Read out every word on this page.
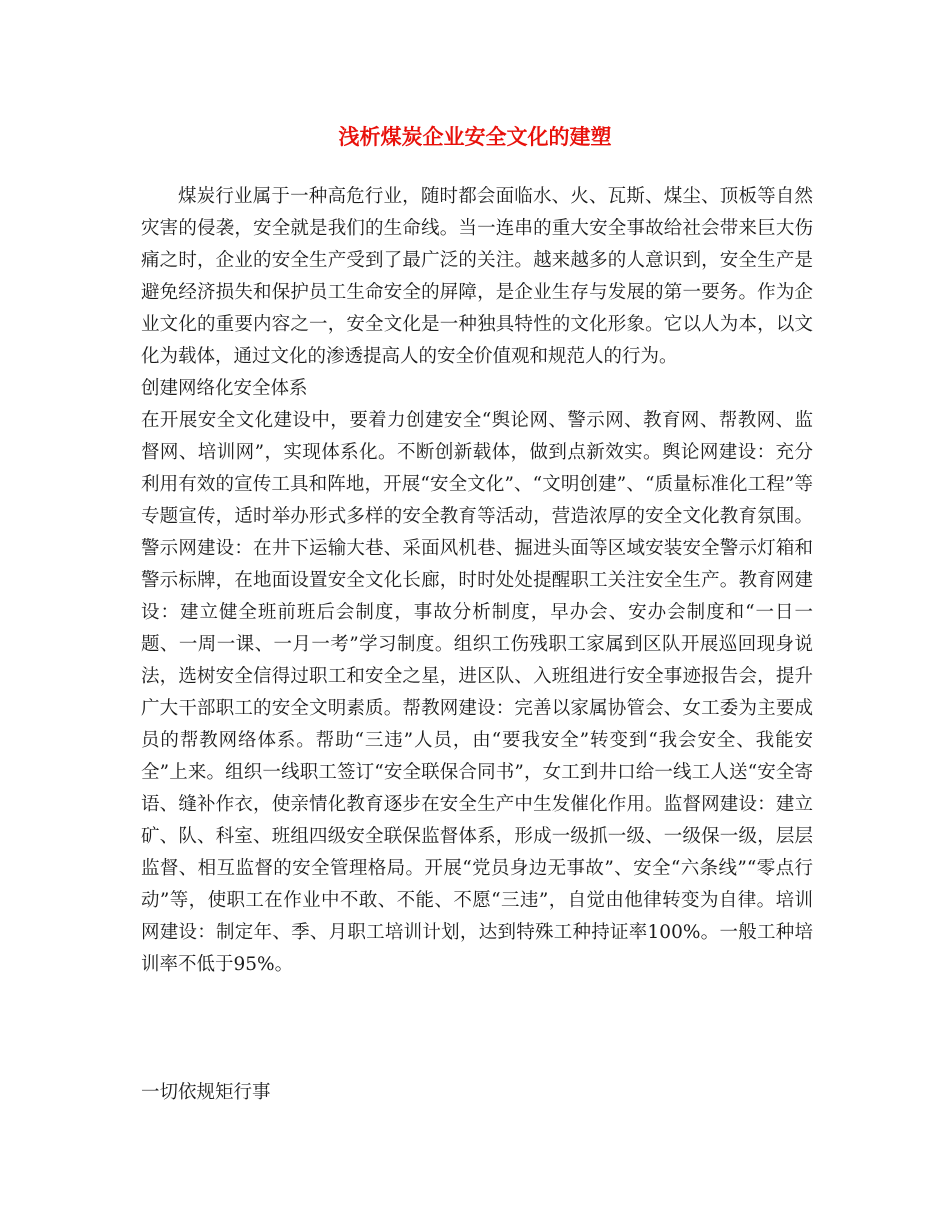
浅析煤炭企业安全文化的建塑

煤炭行业属于一种高危行业，随时都会面临水、火、瓦斯、煤尘、顶板等自然灾害的侵袭，安全就是我们的生命线。当一连串的重大安全事故给社会带来巨大伤痛之时，企业的安全生产受到了最广泛的关注。越来越多的人意识到，安全生产是避免经济损失和保护员工生命安全的屏障，是企业生存与发展的第一要务。作为企业文化的重要内容之一，安全文化是一种独具特性的文化形象。它以人为本，以文化为载体，通过文化的渗透提高人的安全价值观和规范人的行为。

创建网络化安全体系

在开展安全文化建设中，要着力创建安全“舆论网、警示网、教育网、帮教网、监督网、培训网”，实现体系化。不断创新载体，做到点新效实。舆论网建设：充分利用有效的宣传工具和阵地，开展“安全文化”、“文明创建”、“质量标准化工程”等专题宣传，适时举办形式多样的安全教育等活动，营造浓厚的安全文化教育氛围。警示网建设：在井下运输大巷、采面风机巷、掘进头面等区域安装安全警示灯箱和警示标牌，在地面设置安全文化长廊，时时处处提醒职工关注安全生产。教育网建设：建立健全班前班后会制度，事故分析制度，早办会、安办会制度和“一日一题、一周一课、一月一考”学习制度。组织工伤残职工家属到区队开展巡回现身说法，选树安全信得过职工和安全之星，进区队、入班组进行安全事迹报告会，提升广大干部职工的安全文明素质。帮教网建设：完善以家属协管会、女工委为主要成员的帮教网络体系。帮助“三违”人员，由“要我安全”转变到“我会安全、我能安全”上来。组织一线职工签订“安全联保合同书”，女工到井口给一线工人送“安全寄语、缝补作衣，使亲情化教育逐步在安全生产中生发催化作用。监督网建设：建立矿、队、科室、班组四级安全联保监督体系，形成一级抓一级、一级保一级，层层监督、相互监督的安全管理格局。开展“党员身边无事故”、安全“六条线”“零点行动”等，使职工在作业中不敢、不能、不愿“三违”，自觉由他律转变为自律。培训网建设：制定年、季、月职工培训计划，达到特殊工种持证率100%。一般工种培训率不低于95%。

一切依规矩行事
